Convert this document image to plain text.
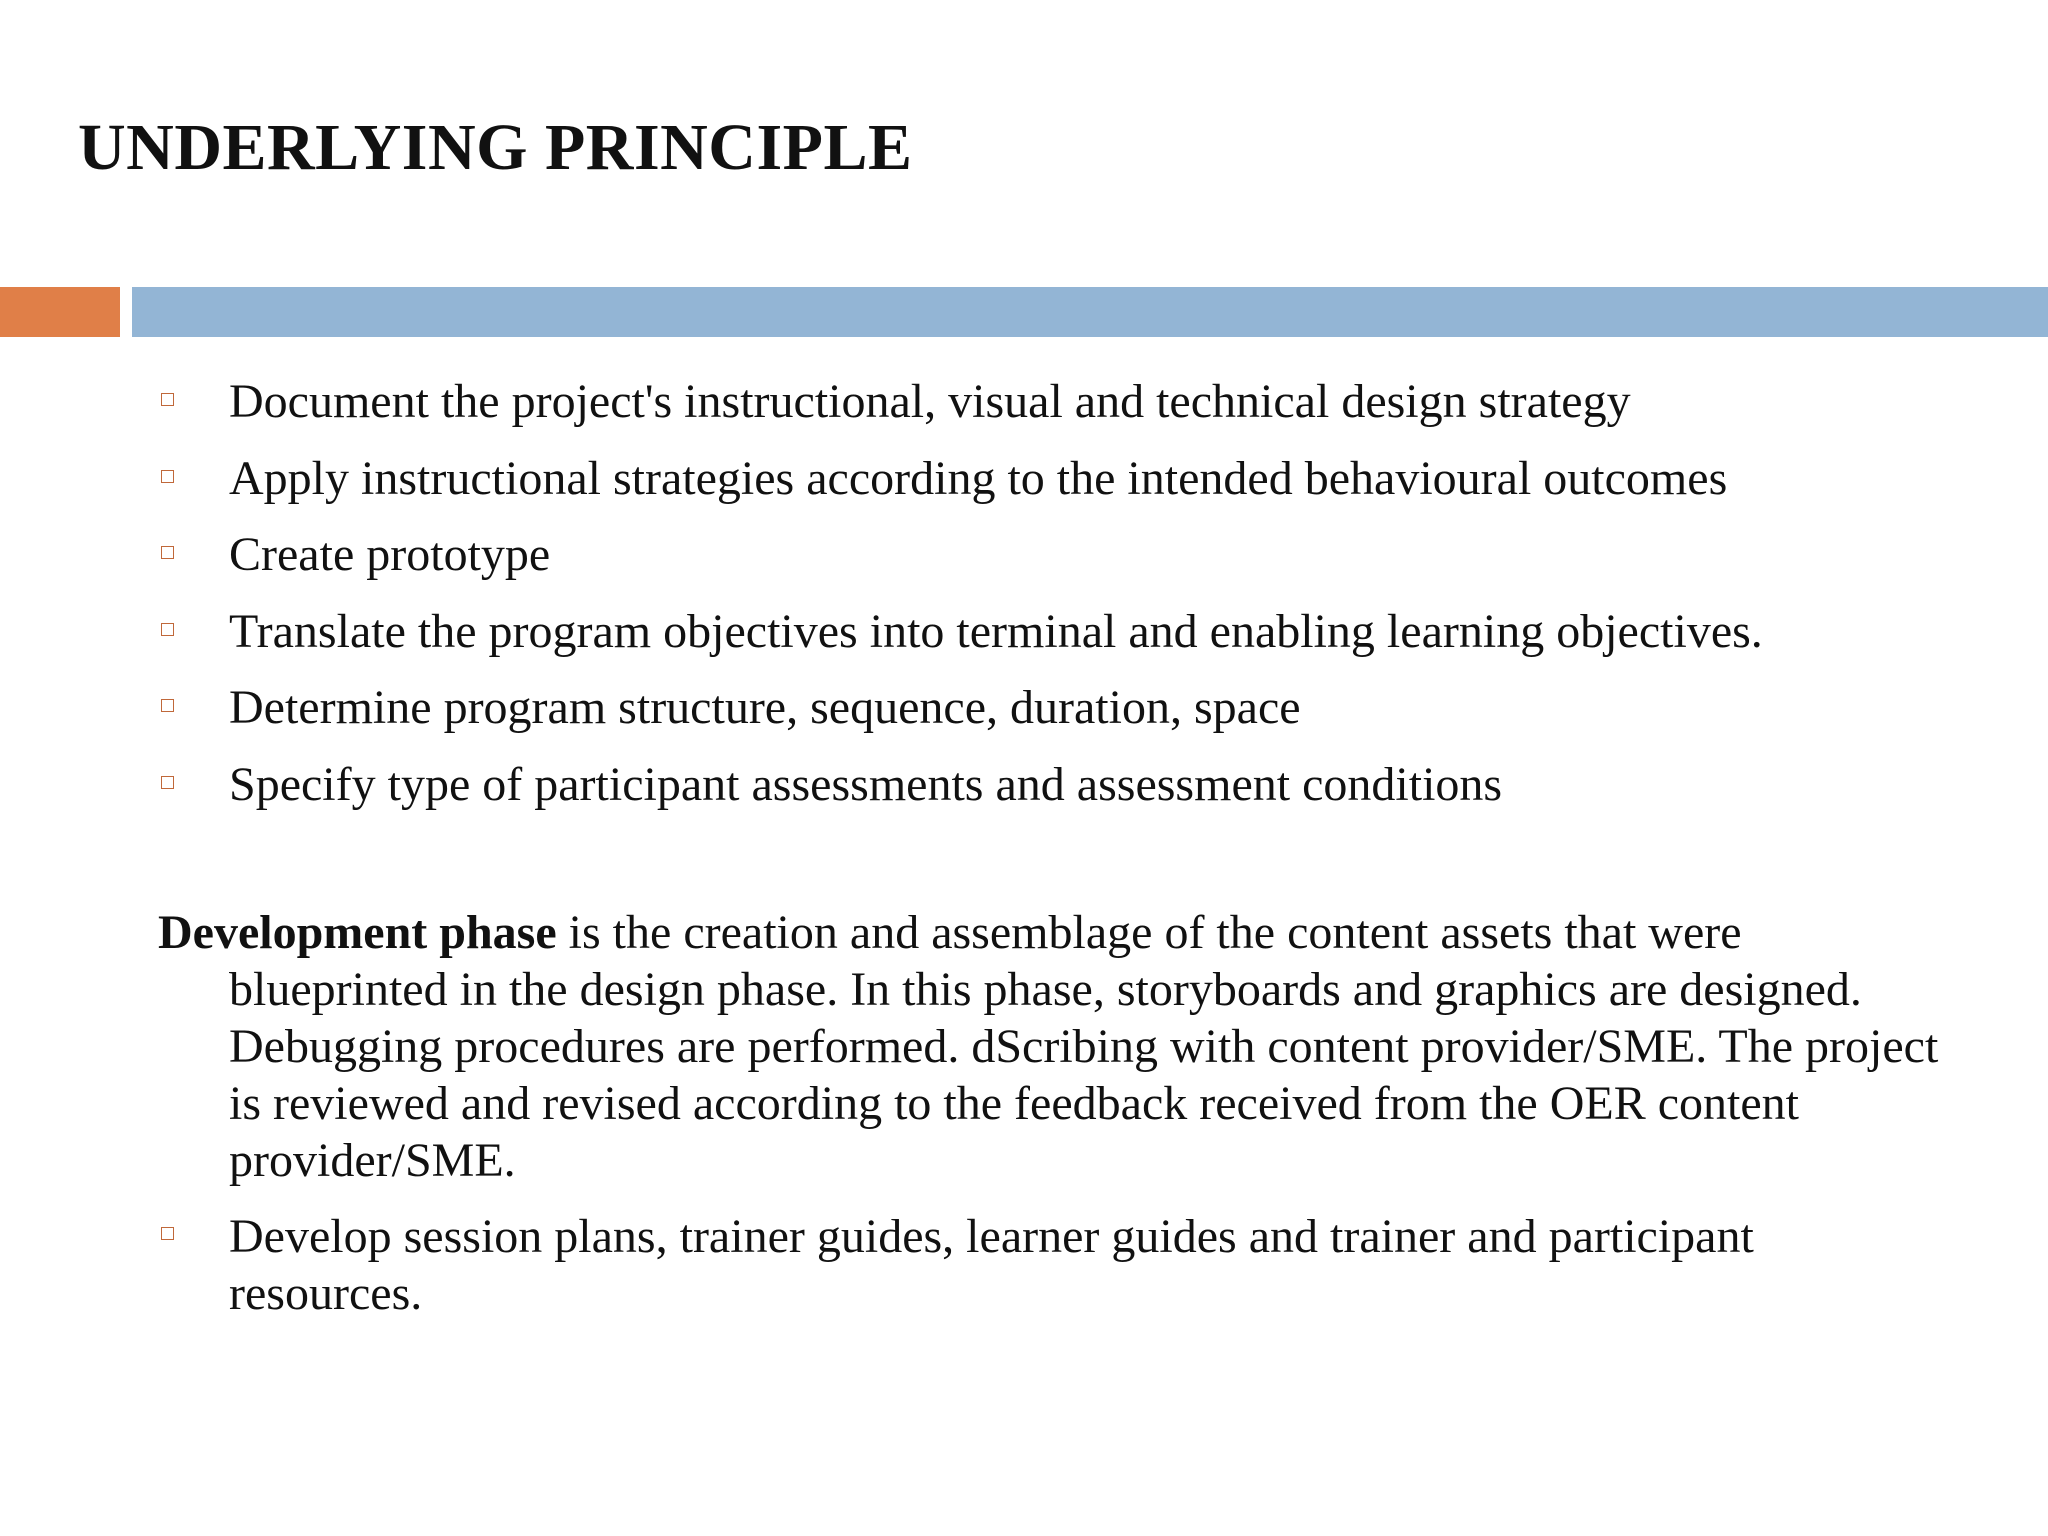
UNDERLYING PRINCIPLE
Document the project's instructional, visual and technical design strategy
Apply instructional strategies according to the intended behavioural outcomes
Create prototype
Translate the program objectives into terminal and enabling learning objectives.
Determine program structure, sequence, duration, space
Specify type of participant assessments and assessment conditions

Development phase is the creation and assemblage of the content assets that were blueprinted in the design phase. In this phase, storyboards and graphics are designed. Debugging procedures are performed. dScribing with content provider/SME. The project is reviewed and revised according to the feedback received from the OER content provider/SME.

Develop session plans, trainer guides, learner guides and trainer and participant resources.
